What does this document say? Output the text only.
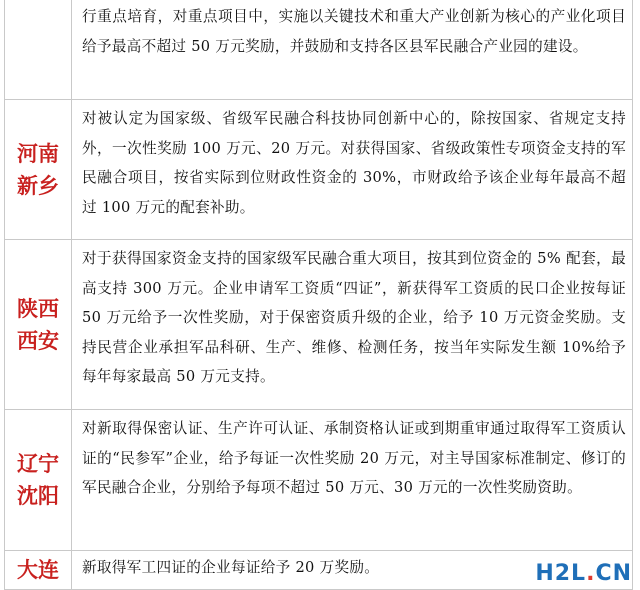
行重点培育，对重点项目中，实施以关键技术和重大产业创新为核心的产业化项目给予最高不超过 50 万元奖励，并鼓励和支持各区县军民融合产业园的建设。
河南
新乡
对被认定为国家级、省级军民融合科技协同创新中心的，除按国家、省规定支持外，一次性奖励 100 万元、20 万元。对获得国家、省级政策性专项资金支持的军民融合项目，按省实际到位财政性资金的 30%，市财政给予该企业每年最高不超过 100 万元的配套补助。
陕西
西安
对于获得国家资金支持的国家级军民融合重大项目，按其到位资金的 5% 配套，最高支持 300 万元。企业申请军工资质“四证”，新获得军工资质的民口企业按每证 50 万元给予一次性奖励，对于保密资质升级的企业，给予 10 万元资金奖励。支持民营企业承担军品科研、生产、维修、检测任务，按当年实际发生额 10%给予每年每家最高 50 万元支持。
辽宁
沈阳
对新取得保密认证、生产许可认证、承制资格认证或到期重审通过取得军工资质认证的“民参军”企业，给予每证一次性奖励 20 万元，对主导国家标准制定、修订的军民融合企业，分别给予每项不超过 50 万元、30 万元的一次性奖励资助。
大连	新取得军工四证的企业每证给予 20 万奖励。	H2L.CN
